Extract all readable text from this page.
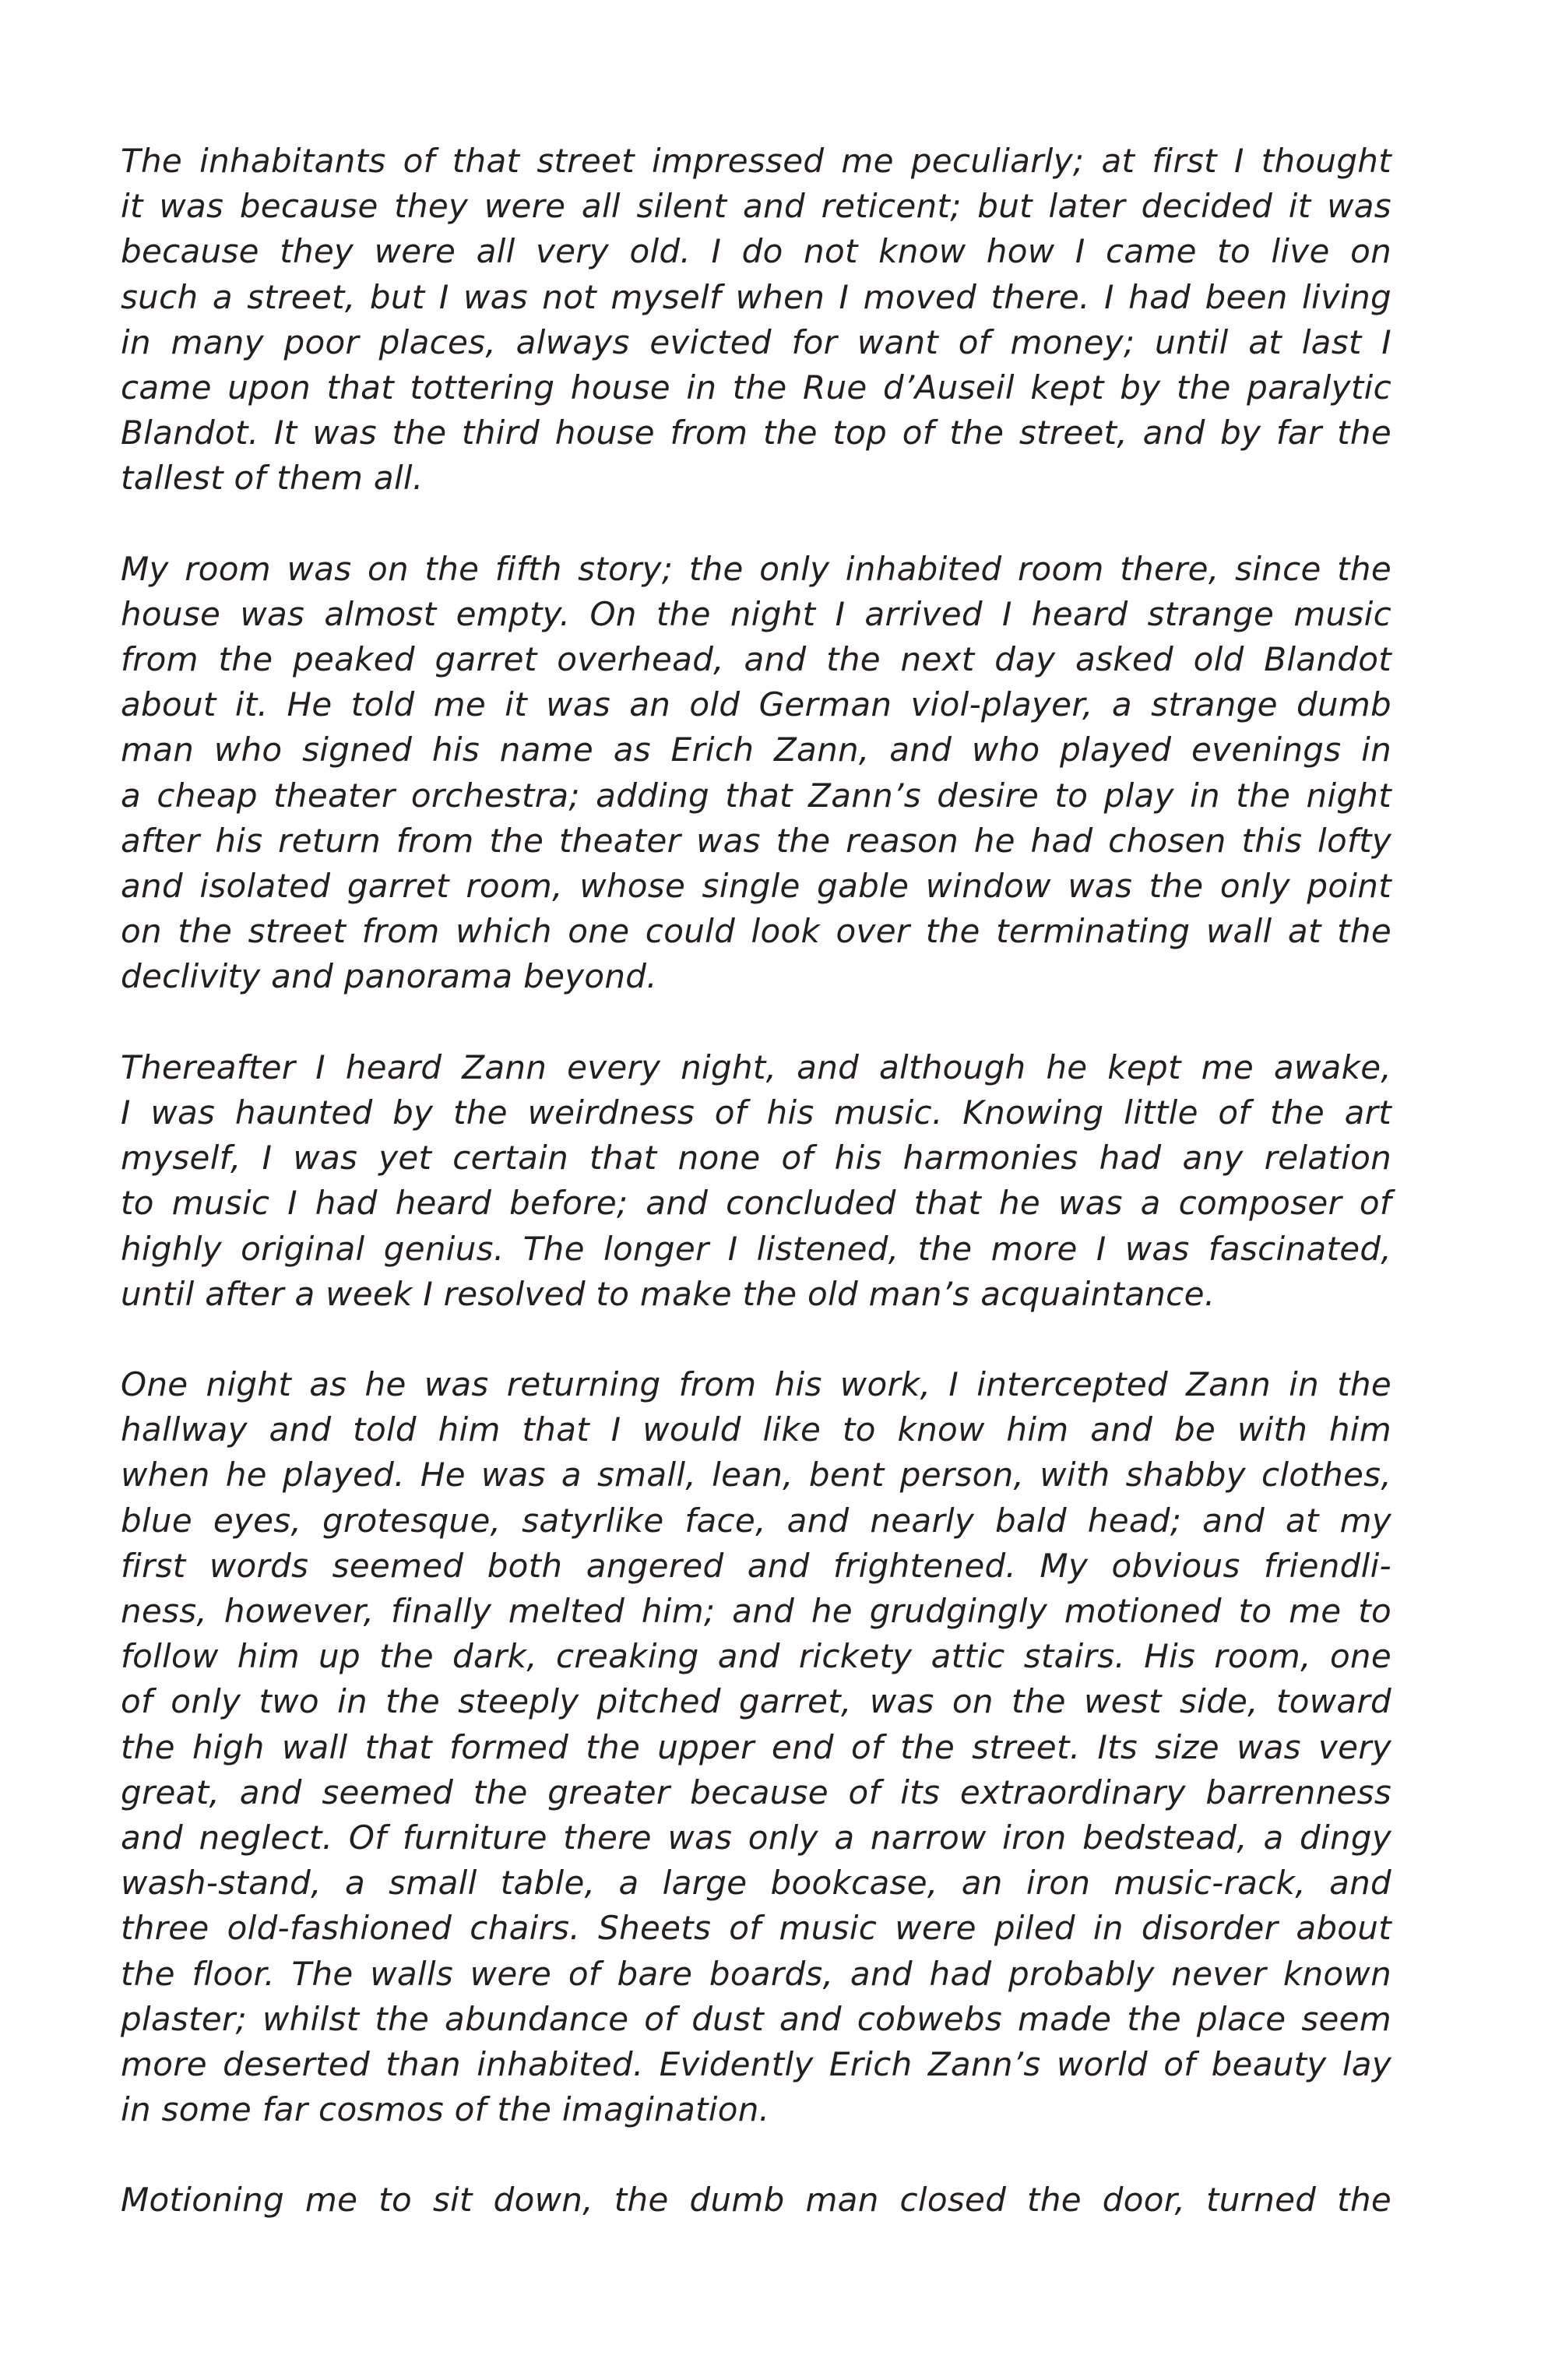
The inhabitants of that street impressed me peculiarly; at first I thought
it was because they were all silent and reticent; but later decided it was
because they were all very old. I do not know how I came to live on
such a street, but I was not myself when I moved there. I had been living
in many poor places, always evicted for want of money; until at last I
came upon that tottering house in the Rue d’Auseil kept by the paralytic
Blandot. It was the third house from the top of the street, and by far the
tallest of them all.
My room was on the fifth story; the only inhabited room there, since the
house was almost empty. On the night I arrived I heard strange music
from the peaked garret overhead, and the next day asked old Blandot
about it. He told me it was an old German viol-player, a strange dumb
man who signed his name as Erich Zann, and who played evenings in
a cheap theater orchestra; adding that Zann’s desire to play in the night
after his return from the theater was the reason he had chosen this lofty
and isolated garret room, whose single gable window was the only point
on the street from which one could look over the terminating wall at the
declivity and panorama beyond.
Thereafter I heard Zann every night, and although he kept me awake,
I was haunted by the weirdness of his music. Knowing little of the art
myself, I was yet certain that none of his harmonies had any relation
to music I had heard before; and concluded that he was a composer of
highly original genius. The longer I listened, the more I was fascinated,
until after a week I resolved to make the old man’s acquaintance.
One night as he was returning from his work, I intercepted Zann in the
hallway and told him that I would like to know him and be with him
when he played. He was a small, lean, bent person, with shabby clothes,
blue eyes, grotesque, satyrlike face, and nearly bald head; and at my
first words seemed both angered and frightened. My obvious friendli-
ness, however, finally melted him; and he grudgingly motioned to me to
follow him up the dark, creaking and rickety attic stairs. His room, one
of only two in the steeply pitched garret, was on the west side, toward
the high wall that formed the upper end of the street. Its size was very
great, and seemed the greater because of its extraordinary barrenness
and neglect. Of furniture there was only a narrow iron bedstead, a dingy
wash-stand, a small table, a large bookcase, an iron music-rack, and
three old-fashioned chairs. Sheets of music were piled in disorder about
the floor. The walls were of bare boards, and had probably never known
plaster; whilst the abundance of dust and cobwebs made the place seem
more deserted than inhabited. Evidently Erich Zann’s world of beauty lay
in some far cosmos of the imagination.
Motioning me to sit down, the dumb man closed the door, turned the
